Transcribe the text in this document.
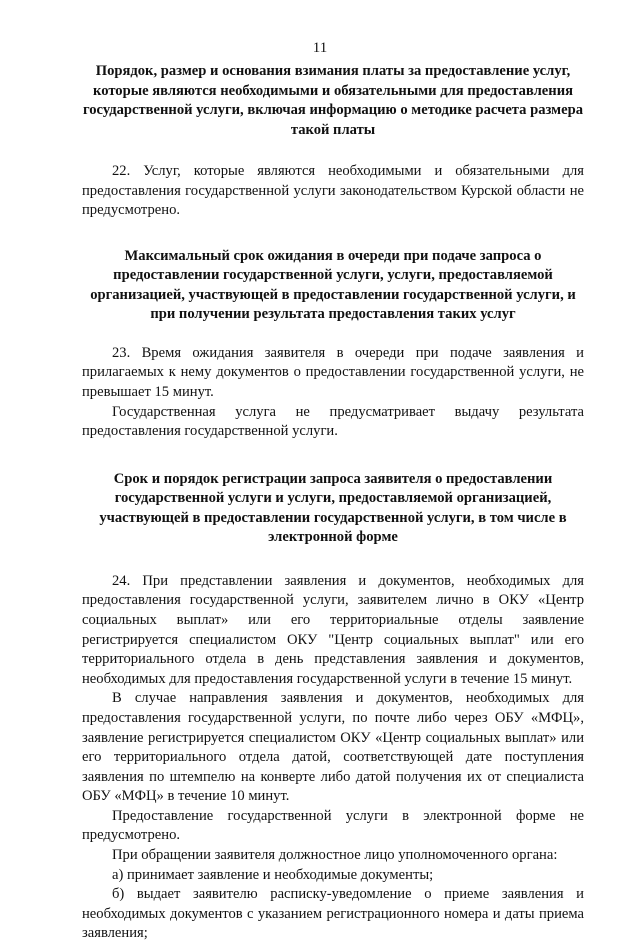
11

Порядок, размер и основания взимания платы за предоставление услуг, которые являются необходимыми и обязательными для предоставления государственной услуги, включая информацию о методике расчета размера такой платы

22. Услуг, которые являются необходимыми и обязательными для предоставления государственной услуги законодательством Курской области не предусмотрено.

Максимальный срок ожидания в очереди при подаче запроса о предоставлении государственной услуги, услуги, предоставляемой организацией, участвующей в предоставлении государственной услуги, и при получении результата предоставления таких услуг

23. Время ожидания заявителя в очереди при подаче заявления и прилагаемых к нему документов о предоставлении государственной услуги, не превышает 15 минут.

Государственная услуга не предусматривает выдачу результата предоставления государственной услуги.

Срок и порядок регистрации запроса заявителя о предоставлении государственной услуги и услуги, предоставляемой организацией, участвующей в предоставлении государственной услуги, в том числе в электронной форме

24. При представлении заявления и документов, необходимых для предоставления государственной услуги, заявителем лично в ОКУ «Центр социальных выплат» или его территориальные отделы заявление регистрируется специалистом ОКУ "Центр социальных выплат" или его территориального отдела в день представления заявления и документов, необходимых для предоставления государственной услуги в течение 15 минут.

В случае направления заявления и документов, необходимых для предоставления государственной услуги, по почте либо через ОБУ «МФЦ», заявление регистрируется специалистом ОКУ «Центр социальных выплат» или его территориального отдела датой, соответствующей дате поступления заявления по штемпелю на конверте либо датой получения их от специалиста ОБУ «МФЦ» в течение 10 минут.

Предоставление государственной услуги в электронной форме не предусмотрено.

При обращении заявителя должностное лицо уполномоченного органа:

а) принимает заявление и необходимые документы;

б) выдает заявителю расписку-уведомление о приеме заявления и необходимых документов с указанием регистрационного номера и даты приема заявления;
